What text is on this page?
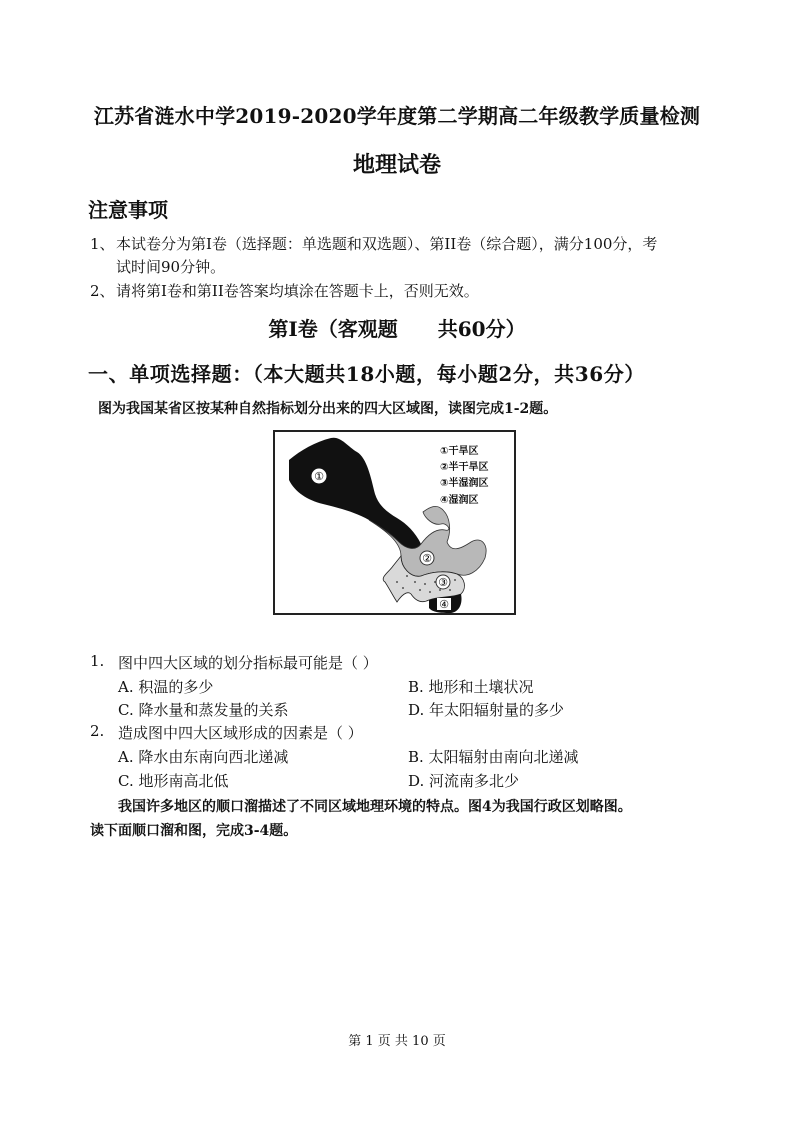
江苏省涟水中学2019-2020学年度第二学期高二年级教学质量检测
地理试卷
注意事项
1、 本试卷分为第I卷（选择题：单选题和双选题）、第II卷（综合题），满分100分，考
试时间90分钟。
2、 请将第I卷和第II卷答案均填涂在答题卡上，否则无效。
第I卷（客观题　　共60分）
一、单项选择题：（本大题共18小题，每小题2分，共36分）
图为我国某省区按某种自然指标划分出来的四大区域图，读图完成1-2题。
①
②
③
④
①干旱区
②半干旱区
③半湿润区
④湿润区
1. 图中四大区域的划分指标最可能是（ ）
A. 积温的多少	B. 地形和土壤状况
C. 降水量和蒸发量的关系	D. 年太阳辐射量的多少
2. 造成图中四大区域形成的因素是（ ）
A. 降水由东南向西北递减	B. 太阳辐射由南向北递减
C. 地形南高北低	D. 河流南多北少
我国许多地区的顺口溜描述了不同区域地理环境的特点。图4为我国行政区划略图。
读下面顺口溜和图，完成3-4题。
第 1 页 共 10 页
